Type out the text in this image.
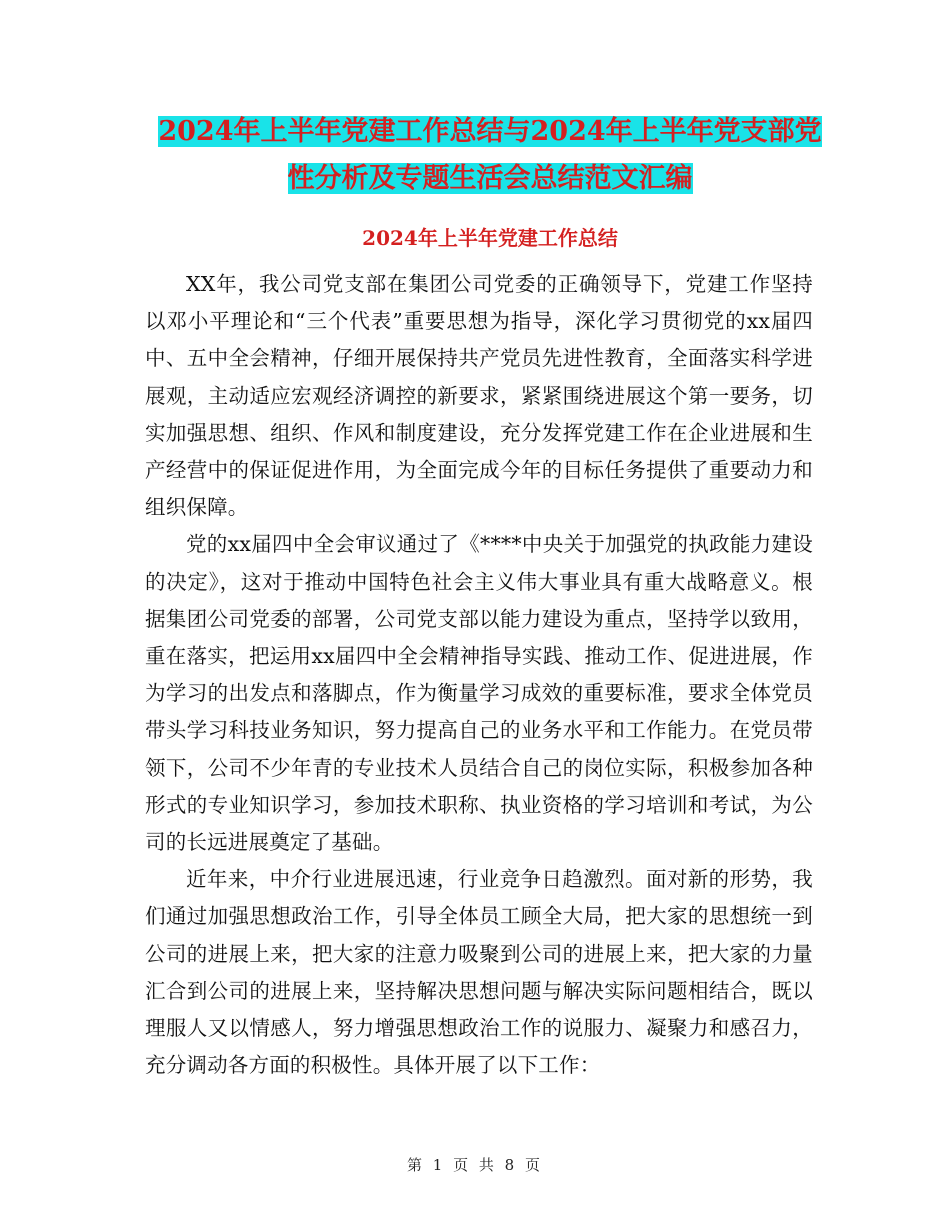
2024年上半年党建工作总结与2024年上半年党支部党
性分析及专题生活会总结范文汇编
2024年上半年党建工作总结

XX年，我公司党支部在集团公司党委的正确领导下，党建工作坚持以邓小平理论和“三个代表”重要思想为指导，深化学习贯彻党的xx届四中、五中全会精神，仔细开展保持共产党员先进性教育，全面落实科学进展观，主动适应宏观经济调控的新要求，紧紧围绕进展这个第一要务，切实加强思想、组织、作风和制度建设，充分发挥党建工作在企业进展和生产经营中的保证促进作用，为全面完成今年的目标任务提供了重要动力和组织保障。

党的xx届四中全会审议通过了《****中央关于加强党的执政能力建设的决定》，这对于推动中国特色社会主义伟大事业具有重大战略意义。根据集团公司党委的部署，公司党支部以能力建设为重点，坚持学以致用，重在落实，把运用xx届四中全会精神指导实践、推动工作、促进进展，作为学习的出发点和落脚点，作为衡量学习成效的重要标准，要求全体党员带头学习科技业务知识，努力提高自己的业务水平和工作能力。在党员带领下，公司不少年青的专业技术人员结合自己的岗位实际，积极参加各种形式的专业知识学习，参加技术职称、执业资格的学习培训和考试，为公司的长远进展奠定了基础。

近年来，中介行业进展迅速，行业竞争日趋激烈。面对新的形势，我们通过加强思想政治工作，引导全体员工顾全大局，把大家的思想统一到公司的进展上来，把大家的注意力吸聚到公司的进展上来，把大家的力量汇合到公司的进展上来，坚持解决思想问题与解决实际问题相结合，既以理服人又以情感人，努力增强思想政治工作的说服力、凝聚力和感召力，充分调动各方面的积极性。具体开展了以下工作：

第 1 页 共 8 页
